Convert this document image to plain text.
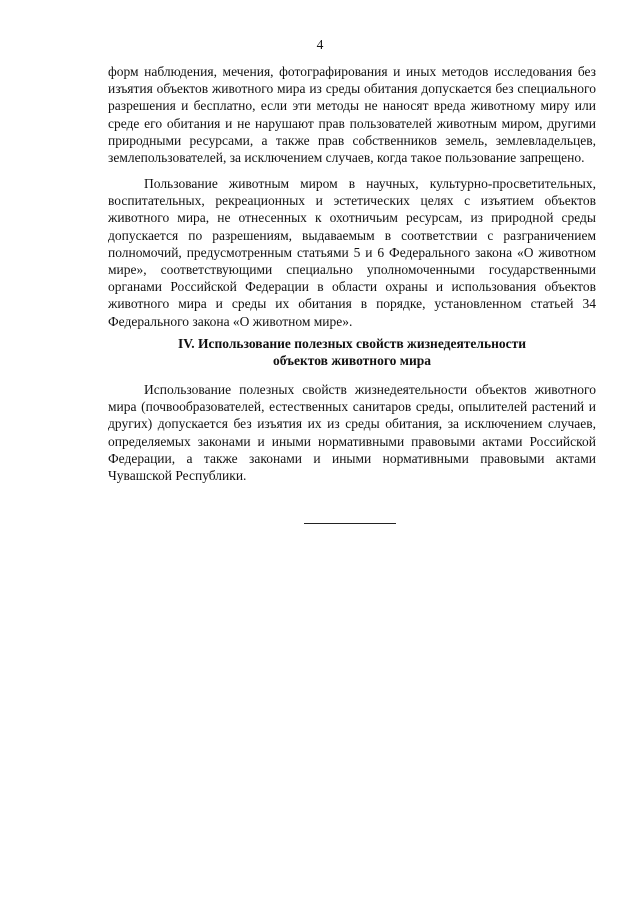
4

форм наблюдения, мечения, фотографирования и иных методов исследования без изъятия объектов животного мира из среды обитания допускается без специального разрешения и бесплатно, если эти методы не наносят вреда животному миру или среде его обитания и не нарушают прав пользователей животным миром, другими природными ресурсами, а также прав собственников земель, землевладельцев, землепользователей, за исключением случаев, когда такое пользование запрещено.

Пользование животным миром в научных, культурно-просветительных, воспитательных, рекреационных и эстетических целях с изъятием объектов животного мира, не отнесенных к охотничьим ресурсам, из природной среды допускается по разрешениям, выдаваемым в соответствии с разграничением полномочий, предусмотренным статьями 5 и 6 Федерального закона «О животном мире», соответствующими специально уполномоченными государственными органами Российской Федерации в области охраны и использования объектов животного мира и среды их обитания в порядке, установленном статьей 34 Федерального закона «О животном мире».

IV. Использование полезных свойств жизнедеятельности
объектов животного мира

Использование полезных свойств жизнедеятельности объектов животного мира (почвообразователей, естественных санитаров среды, опылителей растений и других) допускается без изъятия их из среды обитания, за исключением случаев, определяемых законами и иными нормативными правовыми актами Российской Федерации, а также законами и иными нормативными правовыми актами Чувашской Республики.
